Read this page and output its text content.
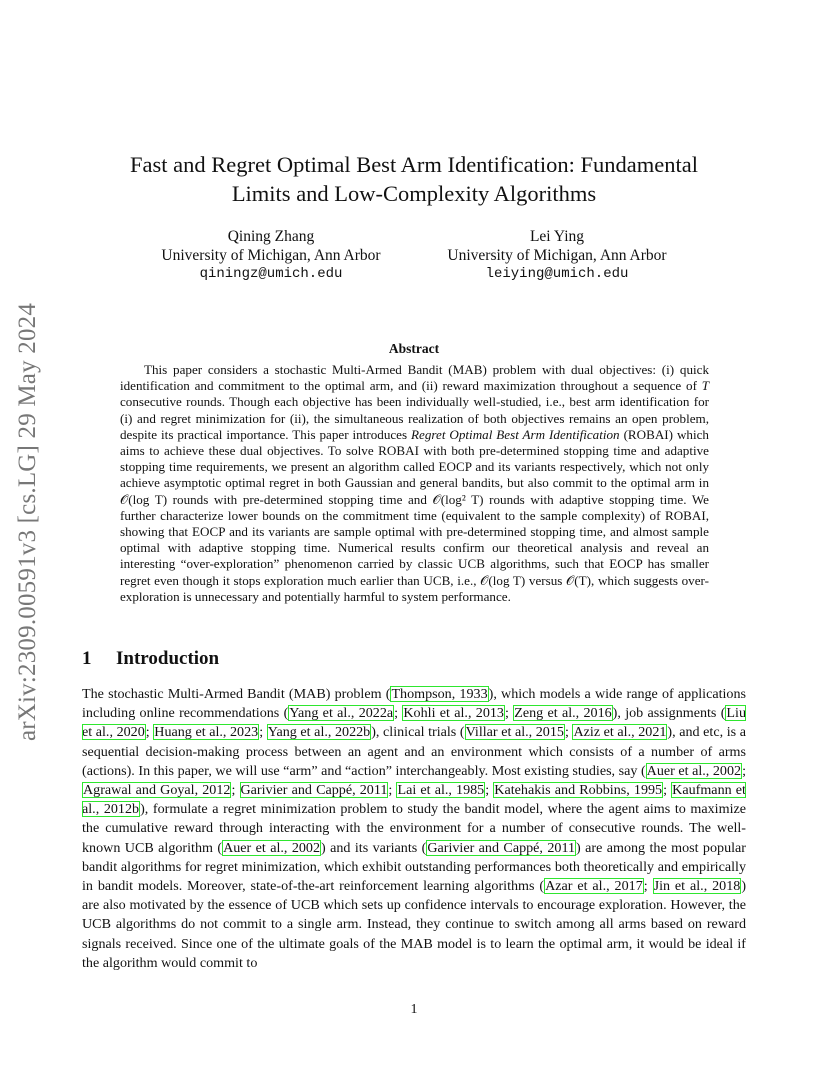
arXiv:2309.00591v3 [cs.LG] 29 May 2024
Fast and Regret Optimal Best Arm Identification: Fundamental
Limits and Low-Complexity Algorithms
Qining Zhang
University of Michigan, Ann Arbor
qiningz@umich.edu
Lei Ying
University of Michigan, Ann Arbor
leiying@umich.edu
Abstract

This paper considers a stochastic Multi-Armed Bandit (MAB) problem with dual objectives: (i) quick identification and commitment to the optimal arm, and (ii) reward maximization throughout a sequence of T consecutive rounds. Though each objective has been individually well-studied, i.e., best arm identification for (i) and regret minimization for (ii), the simultaneous realization of both objectives remains an open problem, despite its practical importance. This paper introduces Regret Optimal Best Arm Identification (ROBAI) which aims to achieve these dual objectives. To solve ROBAI with both pre-determined stopping time and adaptive stopping time requirements, we present an algorithm called EOCP and its variants respectively, which not only achieve asymptotic optimal regret in both Gaussian and general bandits, but also commit to the optimal arm in 𝒪(log T) rounds with pre-determined stopping time and 𝒪(log² T) rounds with adaptive stopping time. We further characterize lower bounds on the commitment time (equivalent to the sample complexity) of ROBAI, showing that EOCP and its variants are sample optimal with pre-determined stopping time, and almost sample optimal with adaptive stopping time. Numerical results confirm our theoretical analysis and reveal an interesting “over-exploration” phenomenon carried by classic UCB algorithms, such that EOCP has smaller regret even though it stops exploration much earlier than UCB, i.e., 𝒪(log T) versus 𝒪(T), which suggests over-exploration is unnecessary and potentially harmful to system performance.

1 Introduction

The stochastic Multi-Armed Bandit (MAB) problem (Thompson, 1933), which models a wide range of applications including online recommendations (Yang et al., 2022a; Kohli et al., 2013; Zeng et al., 2016), job assignments (Liu et al., 2020; Huang et al., 2023; Yang et al., 2022b), clinical trials (Villar et al., 2015; Aziz et al., 2021), and etc, is a sequential decision-making process between an agent and an environment which consists of a number of arms (actions). In this paper, we will use “arm” and “action” interchangeably. Most existing studies, say (Auer et al., 2002; Agrawal and Goyal, 2012; Garivier and Cappé, 2011; Lai et al., 1985; Katehakis and Robbins, 1995; Kaufmann et al., 2012b), formulate a regret minimization problem to study the bandit model, where the agent aims to maximize the cumulative reward through interacting with the environment for a number of consecutive rounds. The well-known UCB algorithm (Auer et al., 2002) and its variants (Garivier and Cappé, 2011) are among the most popular bandit algorithms for regret minimization, which exhibit outstanding performances both theoretically and empirically in bandit models. Moreover, state-of-the-art reinforcement learning algorithms (Azar et al., 2017; Jin et al., 2018) are also motivated by the essence of UCB which sets up confidence intervals to encourage exploration. However, the UCB algorithms do not commit to a single arm. Instead, they continue to switch among all arms based on reward signals received. Since one of the ultimate goals of the MAB model is to learn the optimal arm, it would be ideal if the algorithm would commit to

1
